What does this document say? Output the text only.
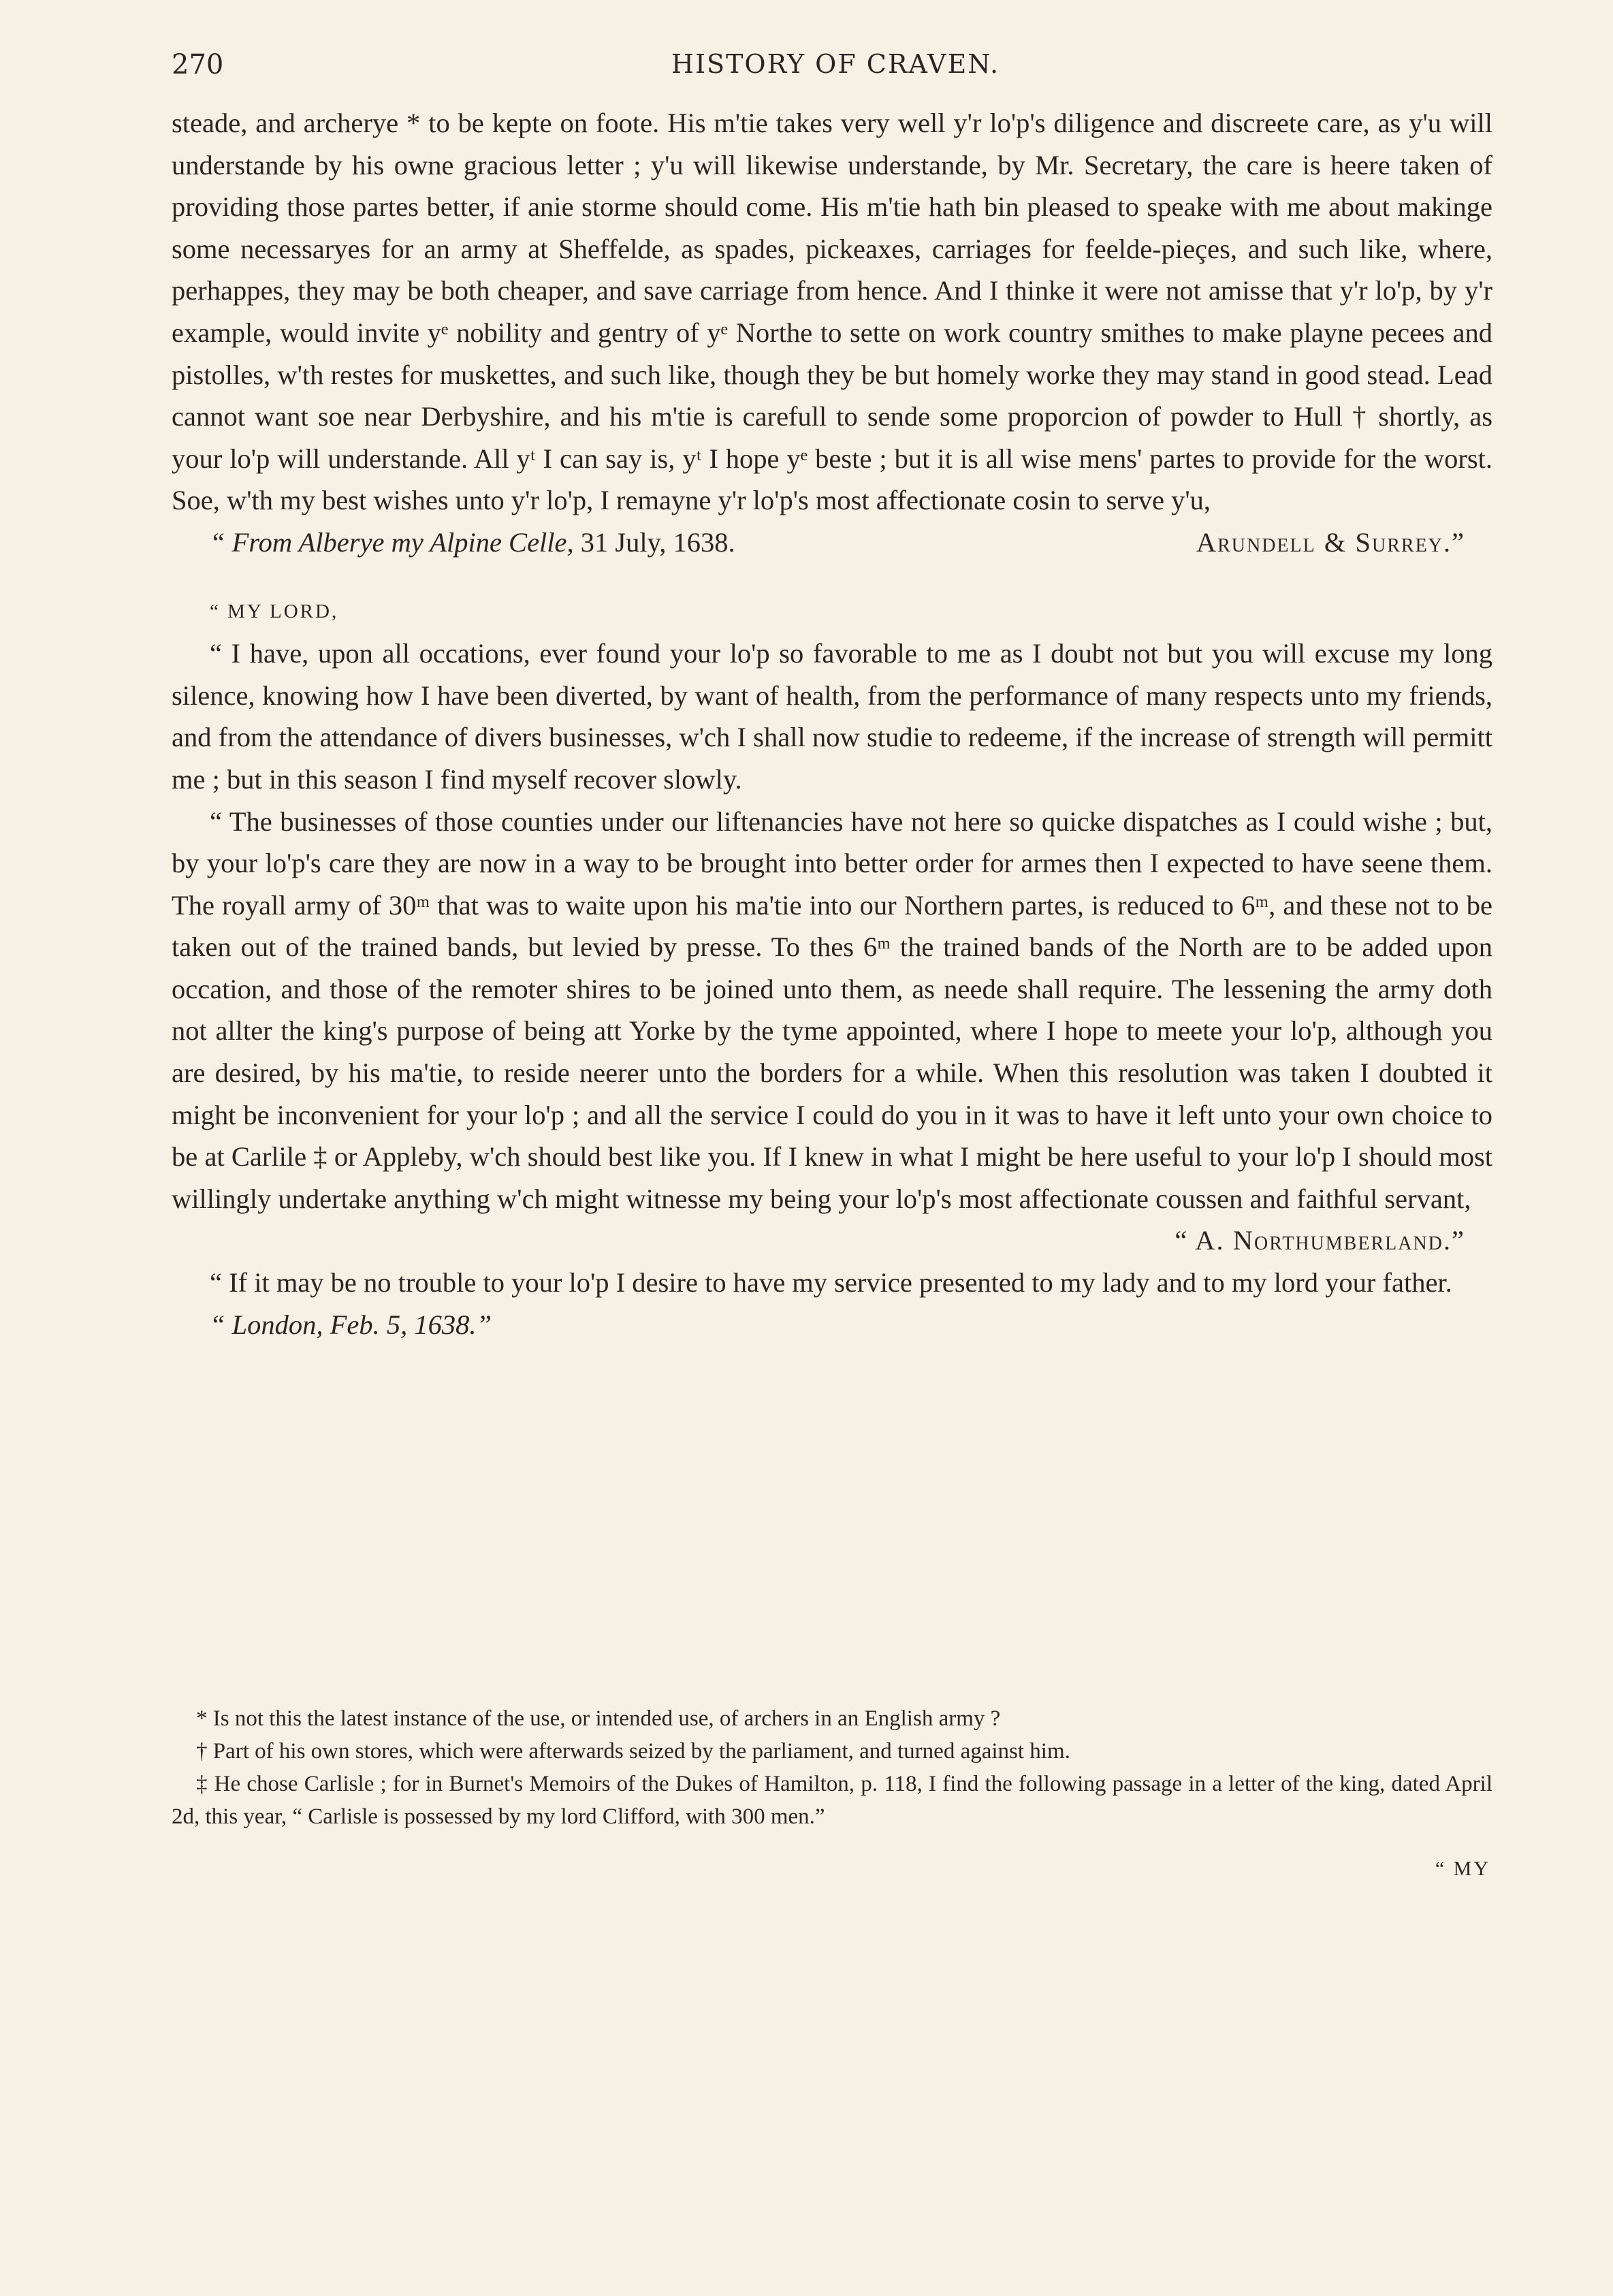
270	HISTORY OF CRAVEN.

steade, and archerye * to be kepte on foote. His m'tie takes very well y'r lo'p's diligence and discreete care, as y'u will understande by his owne gracious letter ; y'u will likewise understande, by Mr. Secretary, the care is heere taken of providing those partes better, if anie storme should come. His m'tie hath bin pleased to speake with me about makinge some necessaryes for an army at Sheffelde, as spades, pickeaxes, carriages for feelde-pieçes, and such like, where, perhappes, they may be both cheaper, and save carriage from hence. And I thinke it were not amisse that y'r lo'p, by y'r example, would invite yᵉ nobility and gentry of yᵉ Northe to sette on work country smithes to make playne pecees and pistolles, w'th restes for muskettes, and such like, though they be but homely worke they may stand in good stead. Lead cannot want soe near Derbyshire, and his m'tie is carefull to sende some proporcion of powder to Hull † shortly, as your lo'p will understande. All yᵗ I can say is, yᵗ I hope yᵉ beste ; but it is all wise mens' partes to provide for the worst. Soe, w'th my best wishes unto y'r lo'p, I remayne y'r lo'p's most affectionate cosin to serve y'u,

“ From Alberye my Alpine Celle, 31 July, 1638.	Arundell & Surrey.”

“ MY LORD,

“ I have, upon all occations, ever found your lo'p so favorable to me as I doubt not but you will excuse my long silence, knowing how I have been diverted, by want of health, from the performance of many respects unto my friends, and from the attendance of divers businesses, w'ch I shall now studie to redeeme, if the increase of strength will permitt me ; but in this season I find myself recover slowly.

“ The businesses of those counties under our liftenancies have not here so quicke dispatches as I could wishe ; but, by your lo'p's care they are now in a way to be brought into better order for armes then I expected to have seene them. The royall army of 30ᵐ that was to waite upon his ma'tie into our Northern partes, is reduced to 6ᵐ, and these not to be taken out of the trained bands, but levied by presse. To thes 6ᵐ the trained bands of the North are to be added upon occation, and those of the remoter shires to be joined unto them, as neede shall require. The lessening the army doth not allter the king's purpose of being att Yorke by the tyme appointed, where I hope to meete your lo'p, although you are desired, by his ma'tie, to reside neerer unto the borders for a while. When this resolution was taken I doubted it might be inconvenient for your lo'p ; and all the service I could do you in it was to have it left unto your own choice to be at Carlile ‡ or Appleby, w'ch should best like you. If I knew in what I might be here useful to your lo'p I should most willingly undertake anything w'ch might witnesse my being your lo'p's most affectionate coussen and faithful servant,

“ A. Northumberland.”

“ If it may be no trouble to your lo'p I desire to have my service presented to my lady and to my lord your father.

“ London, Feb. 5, 1638.”

* Is not this the latest instance of the use, or intended use, of archers in an English army ?

† Part of his own stores, which were afterwards seized by the parliament, and turned against him.

‡ He chose Carlisle ; for in Burnet's Memoirs of the Dukes of Hamilton, p. 118, I find the following passage in a letter of the king, dated April 2d, this year, “ Carlisle is possessed by my lord Clifford, with 300 men.”

“ MY
